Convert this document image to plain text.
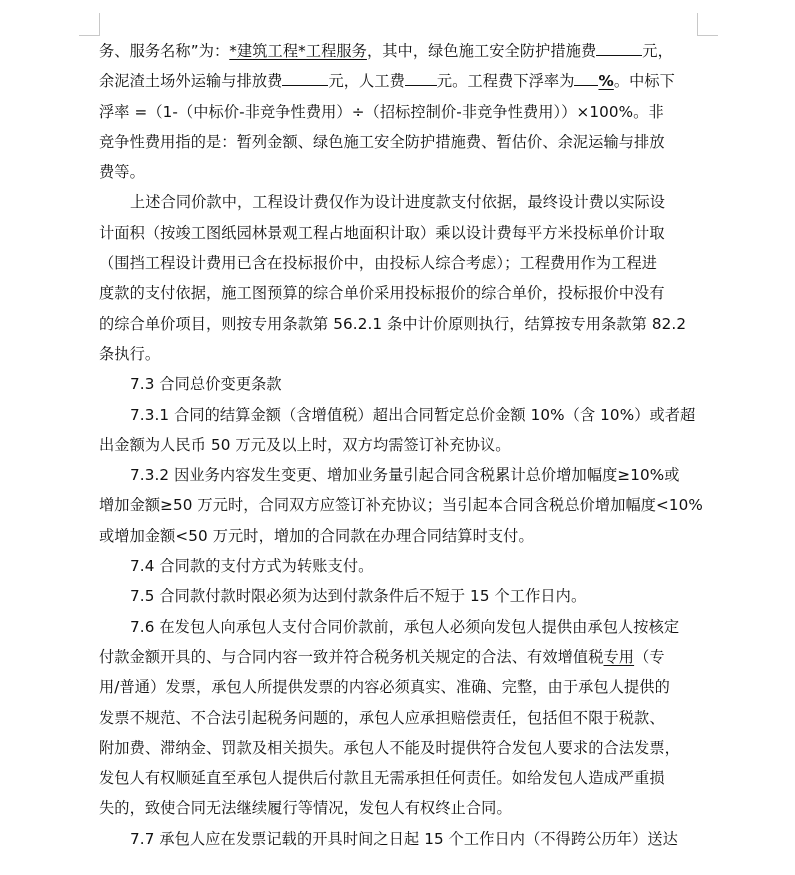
务、服务名称”为：*建筑工程*工程服务，其中，绿色施工安全防护措施费	元，
余泥渣土场外运输与排放费	元，人工费 元。工程费下浮率为 %。中标下
浮率 =（1-（中标价-非竞争性费用）÷（招标控制价-非竞争性费用））×100%。非
竞争性费用指的是：暂列金额、绿色施工安全防护措施费、暂估价、余泥运输与排放
费等。
上述合同价款中，工程设计费仅作为设计进度款支付依据，最终设计费以实际设
计面积（按竣工图纸园林景观工程占地面积计取）乘以设计费每平方米投标单价计取
（围挡工程设计费用已含在投标报价中，由投标人综合考虑）；工程费用作为工程进
度款的支付依据，施工图预算的综合单价采用投标报价的综合单价，投标报价中没有
的综合单价项目，则按专用条款第 56.2.1 条中计价原则执行，结算按专用条款第 82.2
条执行。
7.3 合同总价变更条款
7.3.1 合同的结算金额（含增值税）超出合同暂定总价金额 10%（含 10%）或者超
出金额为人民币 50 万元及以上时，双方均需签订补充协议。
7.3.2 因业务内容发生变更、增加业务量引起合同含税累计总价增加幅度≥10%或
增加金额≥50 万元时，合同双方应签订补充协议；当引起本合同含税总价增加幅度<10%
或增加金额<50 万元时，增加的合同款在办理合同结算时支付。
7.4 合同款的支付方式为转账支付。
7.5 合同款付款时限必须为达到付款条件后不短于 15 个工作日内。
7.6 在发包人向承包人支付合同价款前，承包人必须向发包人提供由承包人按核定
付款金额开具的、与合同内容一致并符合税务机关规定的合法、有效增值税专用（专
用/普通）发票，承包人所提供发票的内容必须真实、准确、完整，由于承包人提供的
发票不规范、不合法引起税务问题的，承包人应承担赔偿责任，包括但不限于税款、
附加费、滞纳金、罚款及相关损失。承包人不能及时提供符合发包人要求的合法发票，
发包人有权顺延直至承包人提供后付款且无需承担任何责任。如给发包人造成严重损
失的，致使合同无法继续履行等情况，发包人有权终止合同。
7.7 承包人应在发票记载的开具时间之日起 15 个工作日内（不得跨公历年）送达
